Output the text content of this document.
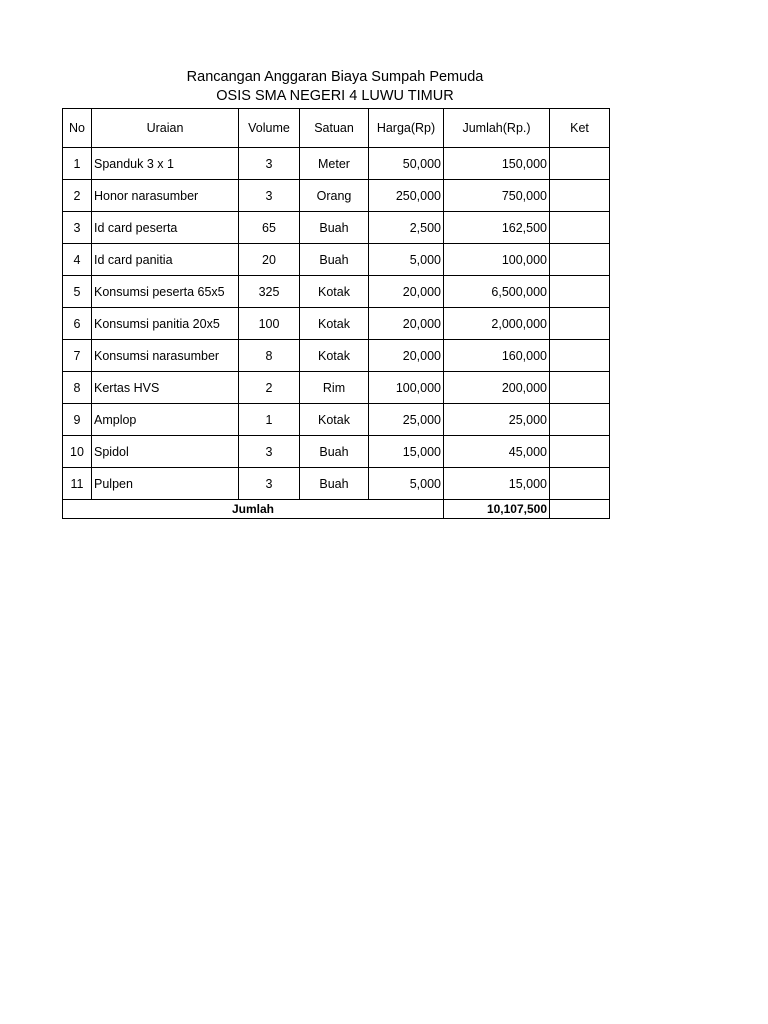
Rancangan Anggaran Biaya Sumpah Pemuda
OSIS SMA NEGERI 4 LUWU TIMUR
No	Uraian	Volume	Satuan	Harga(Rp)	Jumlah(Rp.)	Ket
1	Spanduk 3 x 1	3	Meter	50,000	150,000	
2	Honor narasumber	3	Orang	250,000	750,000	
3	Id card peserta	65	Buah	2,500	162,500	
4	Id card panitia	20	Buah	5,000	100,000	
5	Konsumsi peserta 65x5	325	Kotak	20,000	6,500,000	
6	Konsumsi panitia 20x5	100	Kotak	20,000	2,000,000	
7	Konsumsi narasumber	8	Kotak	20,000	160,000	
8	Kertas HVS	2	Rim	100,000	200,000	
9	Amplop	1	Kotak	25,000	25,000	
10	Spidol	3	Buah	15,000	45,000	
11	Pulpen	3	Buah	5,000	15,000	
Jumlah					10,107,500	
